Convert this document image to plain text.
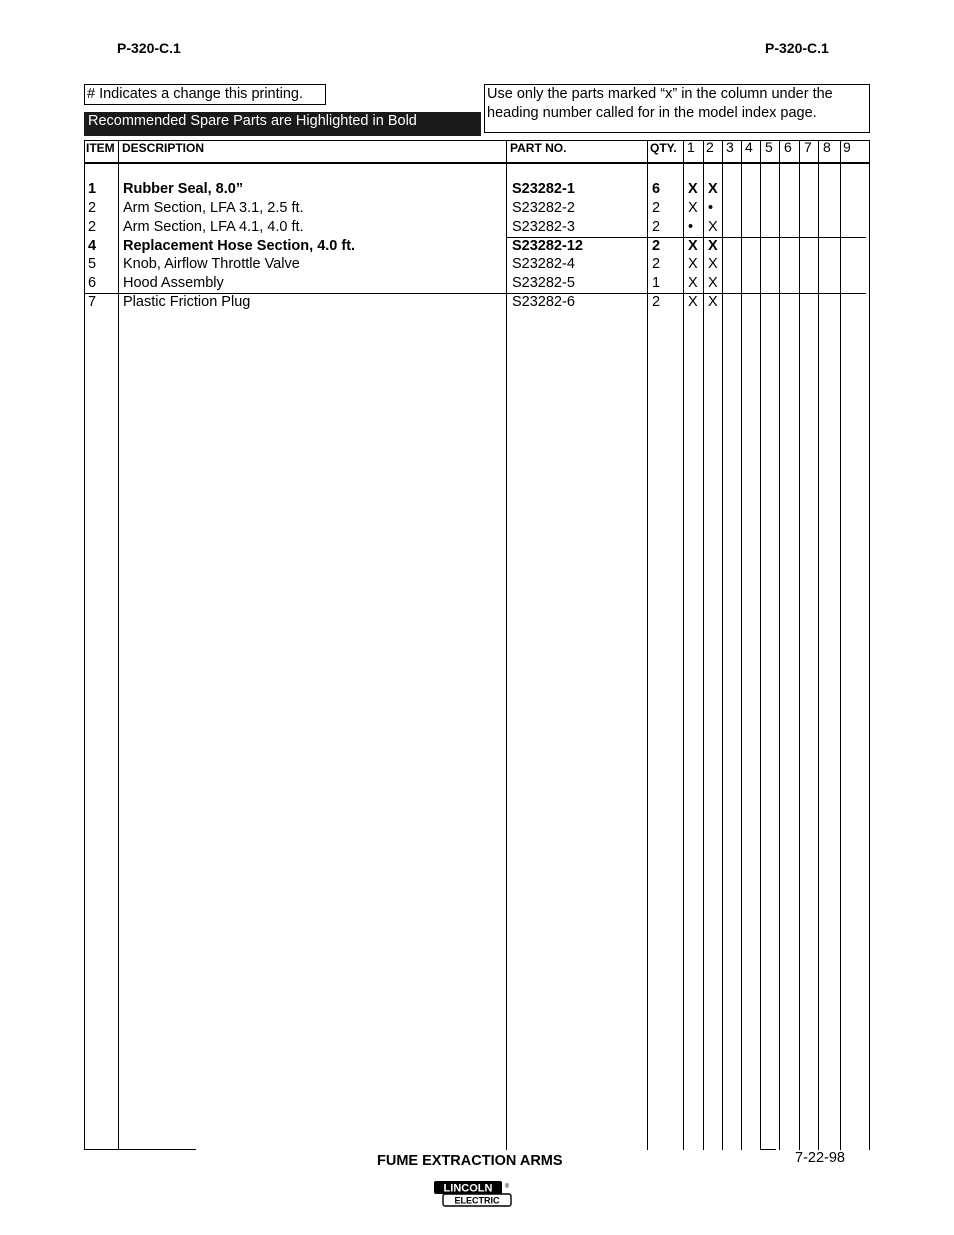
P-320-C.1	P-320-C.1
# Indicates a change this printing.
Recommended Spare Parts are Highlighted in Bold
Use only the parts marked “x” in the column under the
heading number called for in the model index page.
ITEM DESCRIPTION	PART NO.	QTY. 1 2 3 4 5 6 7 8 9
1 Rubber Seal, 8.0”	S23282-1	6 X X
2 Arm Section, LFA 3.1, 2.5 ft.	S23282-2	2 X •
2 Arm Section, LFA 4.1, 4.0 ft.	S23282-3	2 • X
4 Replacement Hose Section, 4.0 ft.	S23282-12	2 X X
5 Knob, Airflow Throttle Valve	S23282-4	2 X X
6 Hood Assembly	S23282-5	1 X X
7 Plastic Friction Plug	S23282-6	2 X X
FUME EXTRACTION ARMS	7-22-98
LINCOLN
ELECTRIC
®
